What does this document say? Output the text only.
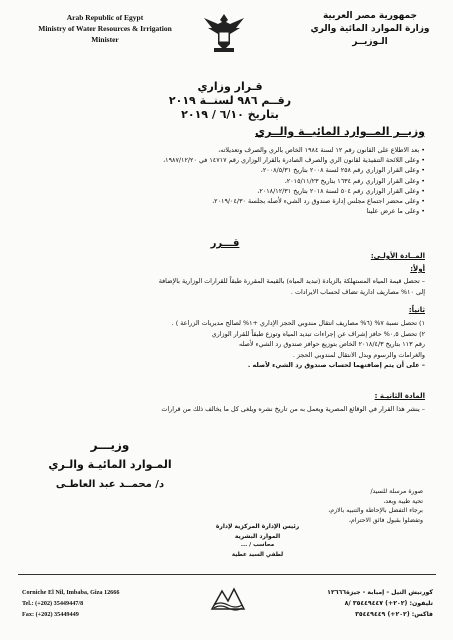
Arab Republic of Egypt
Ministry of Water Resources & Irrigation
Minister
جمهورية مصر العربية
وزارة الموارد المائية والري
الـوزيــر
قـرار وزاري
رقــم ٩٨٦ لسنــة ٢٠١٩
بتاريخ ٦/١٠ / ٢٠١٩
وزيــر المــوارد المائيــة والــري
• بعد الاطلاع على القانون رقم ١٢ لسنة ١٩٨٤ الخاص بالري والصرف وتعديلاته،
• وعلى اللائحة التنفيذية لقانون الري والصرف الصادرة بالقرار الوزاري رقم ١٤٧١٧ في ١٩٨٧/١٢/٢٠،
• وعلى القرار الوزاري رقم ٢٥٨ لسنة ٢٠٠٨ بتاريخ ٢٠٠٨/٥/٣١،
• وعلى القرار الوزاري رقم ١٦٣٤ بتاريخ ٢٠١٥/١١/٢٣،
• وعلى القرار الوزاري رقم ٥٠٤ لسنة ٢٠١٨ بتاريخ ٢٠١٨/١٢/٣١،
• وعلى محضر اجتماع مجلس إدارة صندوق رد الشيء لأصله بجلسة ٢٠١٩/٠٤/٣٠،
• وعلى ما عرض علينا
قـــرر
المــادة الأولـى:
أولاً:
– تحصل قيمة المياه المستهلكة بالزيادة (تبديد المياه) بالقيمة المقررة طبقاً للقرارات الوزارية بالإضافة
إلى ١٠% مصاريف ادارية تضاف لحساب الايرادات .
ثانياً:
١) تحصل نسبة ٧% (٦% مصاريف انتقال مندوبي الحجز الإداري +١% لصالح مديريات الزراعة ) .
٢) تحصل ٠,٥% حافز إشراف عن إجراءات تبديد المياه وتوزع طبقاً للقرار الوزاري
رقم ١١٣ بتاريخ ٢٠١٨/٤/٣ الخاص بتوزيع حوافز صندوق رد الشيء لأصله
والغرامات والرسوم وبدل الانتقال لمندوبي الحجز .
– على أن يتم إضافتهما لحساب صندوق رد الشيء لأصله .
المادة الثانيـة :
– ينشر هذا القرار في الوقائع المصرية ويعمل به من تاريخ نشره ويلغى كل ما يخالف ذلك من قرارات
وزيـــر
المـوارد المائيـة والـري
د/ محمــد عبد العاطـى
صورة مرسلة للسيد/
تحية طيبة وبعد،
برجاء التفضل بالإحاطة والتنبيه بالازم،
وتفضلوا بقبول فائق الاحترام،
رئيس الإدارة المركزية لإدارة
الموارد البشرية
محاسب / ...
لطفي السيد عطية
Corniche El Nil, Imbaba, Giza 12666
Tel.: (+202) 35449447/8
Fax: (+202) 35449449
كورنيش النيل - إمبابة - جيزة١٢٦٦٦
تليفون: (٢٠٢+) ٣٥٤٤٩٤٤٧ /٨
فاكس: (٢٠٢+) ٣٥٤٤٩٤٤٩
